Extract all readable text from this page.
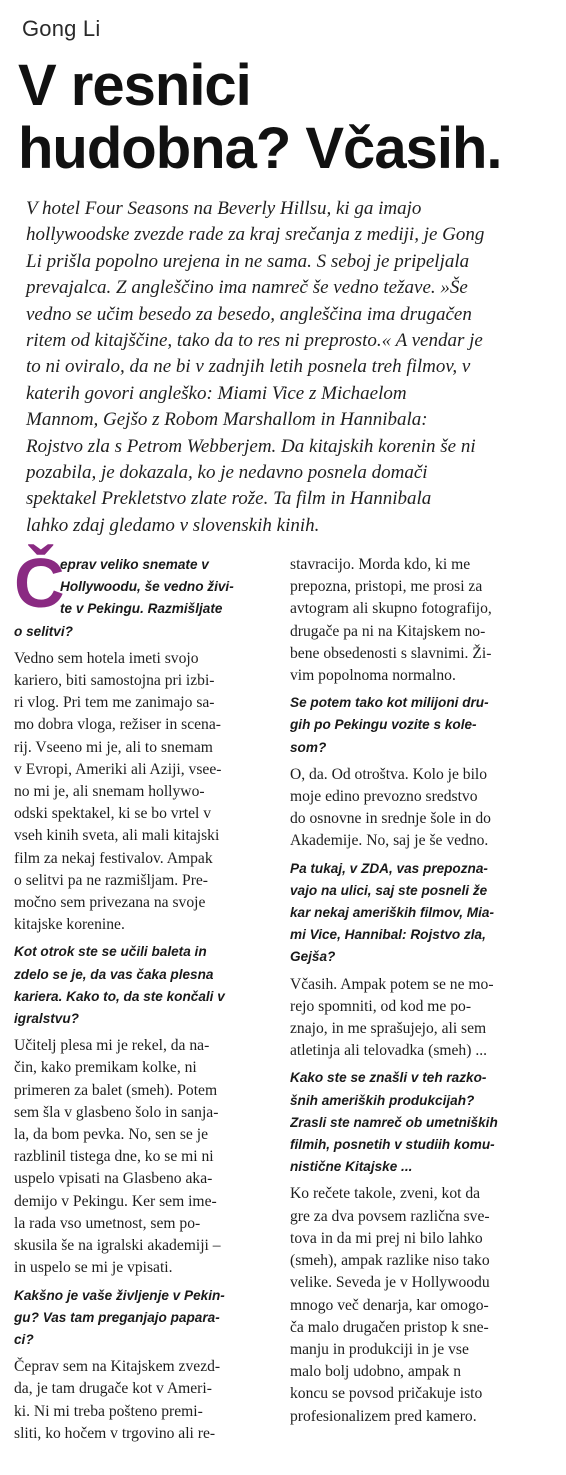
Gong Li
V resnici
hudobna? Včasih.

V hotel Four Seasons na Beverly Hillsu, ki ga imajo
hollywoodske zvezde rade za kraj srečanja z mediji, je Gong
Li prišla popolno urejena in ne sama. S seboj je pripeljala
prevajalca. Z angleščino ima namreč še vedno težave. »Še
vedno se učim besedo za besedo, angleščina ima drugačen
ritem od kitajščine, tako da to res ni preprosto.« A vendar je
to ni oviralo, da ne bi v zadnjih letih posnela treh filmov, v
katerih govori angleško: Miami Vice z Michaelom
Mannom, Gejšo z Robom Marshallom in Hannibala:
Rojstvo zla s Petrom Webberjem. Da kitajskih korenin še ni
pozabila, je dokazala, ko je nedavno posnela domači
spektakel Prekletstvo zlate rože. Ta film in Hannibala
lahko zdaj gledamo v slovenskih kinih.

Č
eprav veliko snemate v
Hollywoodu, še vedno živi-
te v Pekingu. Razmišljate
o selitvi?
Vedno sem hotela imeti svojo
kariero, biti samostojna pri izbi-
ri vlog. Pri tem me zanimajo sa-
mo dobra vloga, režiser in scena-
rij. Vseeno mi je, ali to snemam
v Evropi, Ameriki ali Aziji, vsee-
no mi je, ali snemam hollywo-
odski spektakel, ki se bo vrtel v
vseh kinih sveta, ali mali kitajski
film za nekaj festivalov. Ampak
o selitvi pa ne razmišljam. Pre-
močno sem privezana na svoje
kitajske korenine.
Kot otrok ste se učili baleta in
zdelo se je, da vas čaka plesna
kariera. Kako to, da ste končali v
igralstvu?
Učitelj plesa mi je rekel, da na-
čin, kako premikam kolke, ni
primeren za balet (smeh). Potem
sem šla v glasbeno šolo in sanja-
la, da bom pevka. No, sen se je
razblinil tistega dne, ko se mi ni
uspelo vpisati na Glasbeno aka-
demijo v Pekingu. Ker sem ime-
la rada vso umetnost, sem po-
skusila še na igralski akademiji –
in uspelo se mi je vpisati.
Kakšno je vaše življenje v Pekin-
gu? Vas tam preganjajo papara-
ci?
Čeprav sem na Kitajskem zvezd-
da, je tam drugače kot v Ameri-
ki. Ni mi treba pošteno premi-
sliti, ko hočem v trgovino ali re-
stavracijo. Morda kdo, ki me
prepozna, pristopi, me prosi za
avtogram ali skupno fotografijo,
drugače pa ni na Kitajskem no-
bene obsedenosti s slavnimi. Ži-
vim popolnoma normalno.
Se potem tako kot milijoni dru-
gih po Pekingu vozite s kole-
som?
O, da. Od otroštva. Kolo je bilo
moje edino prevozno sredstvo
do osnovne in srednje šole in do
Akademije. No, saj je še vedno.
Pa tukaj, v ZDA, vas prepozna-
vajo na ulici, saj ste posneli že
kar nekaj ameriških filmov, Mia-
mi Vice, Hannibal: Rojstvo zla,
Gejša?
Včasih. Ampak potem se ne mo-
rejo spomniti, od kod me po-
znajo, in me sprašujejo, ali sem
atletinja ali telovadka (smeh) ...
Kako ste se znašli v teh razko-
šnih ameriških produkcijah?
Zrasli ste namreč ob umetniških
filmih, posnetih v studiih komu-
nistične Kitajske ...
Ko rečete takole, zveni, kot da
gre za dva povsem različna sve-
tova in da mi prej ni bilo lahko
(smeh), ampak razlike niso tako
velike. Seveda je v Hollywoodu
mnogo več denarja, kar omogo-
ča malo drugačen pristop k sne-
manju in produkciji in je vse
malo bolj udobno, ampak n
koncu se povsod pričakuje isto
profesionalizem pred kamero.
